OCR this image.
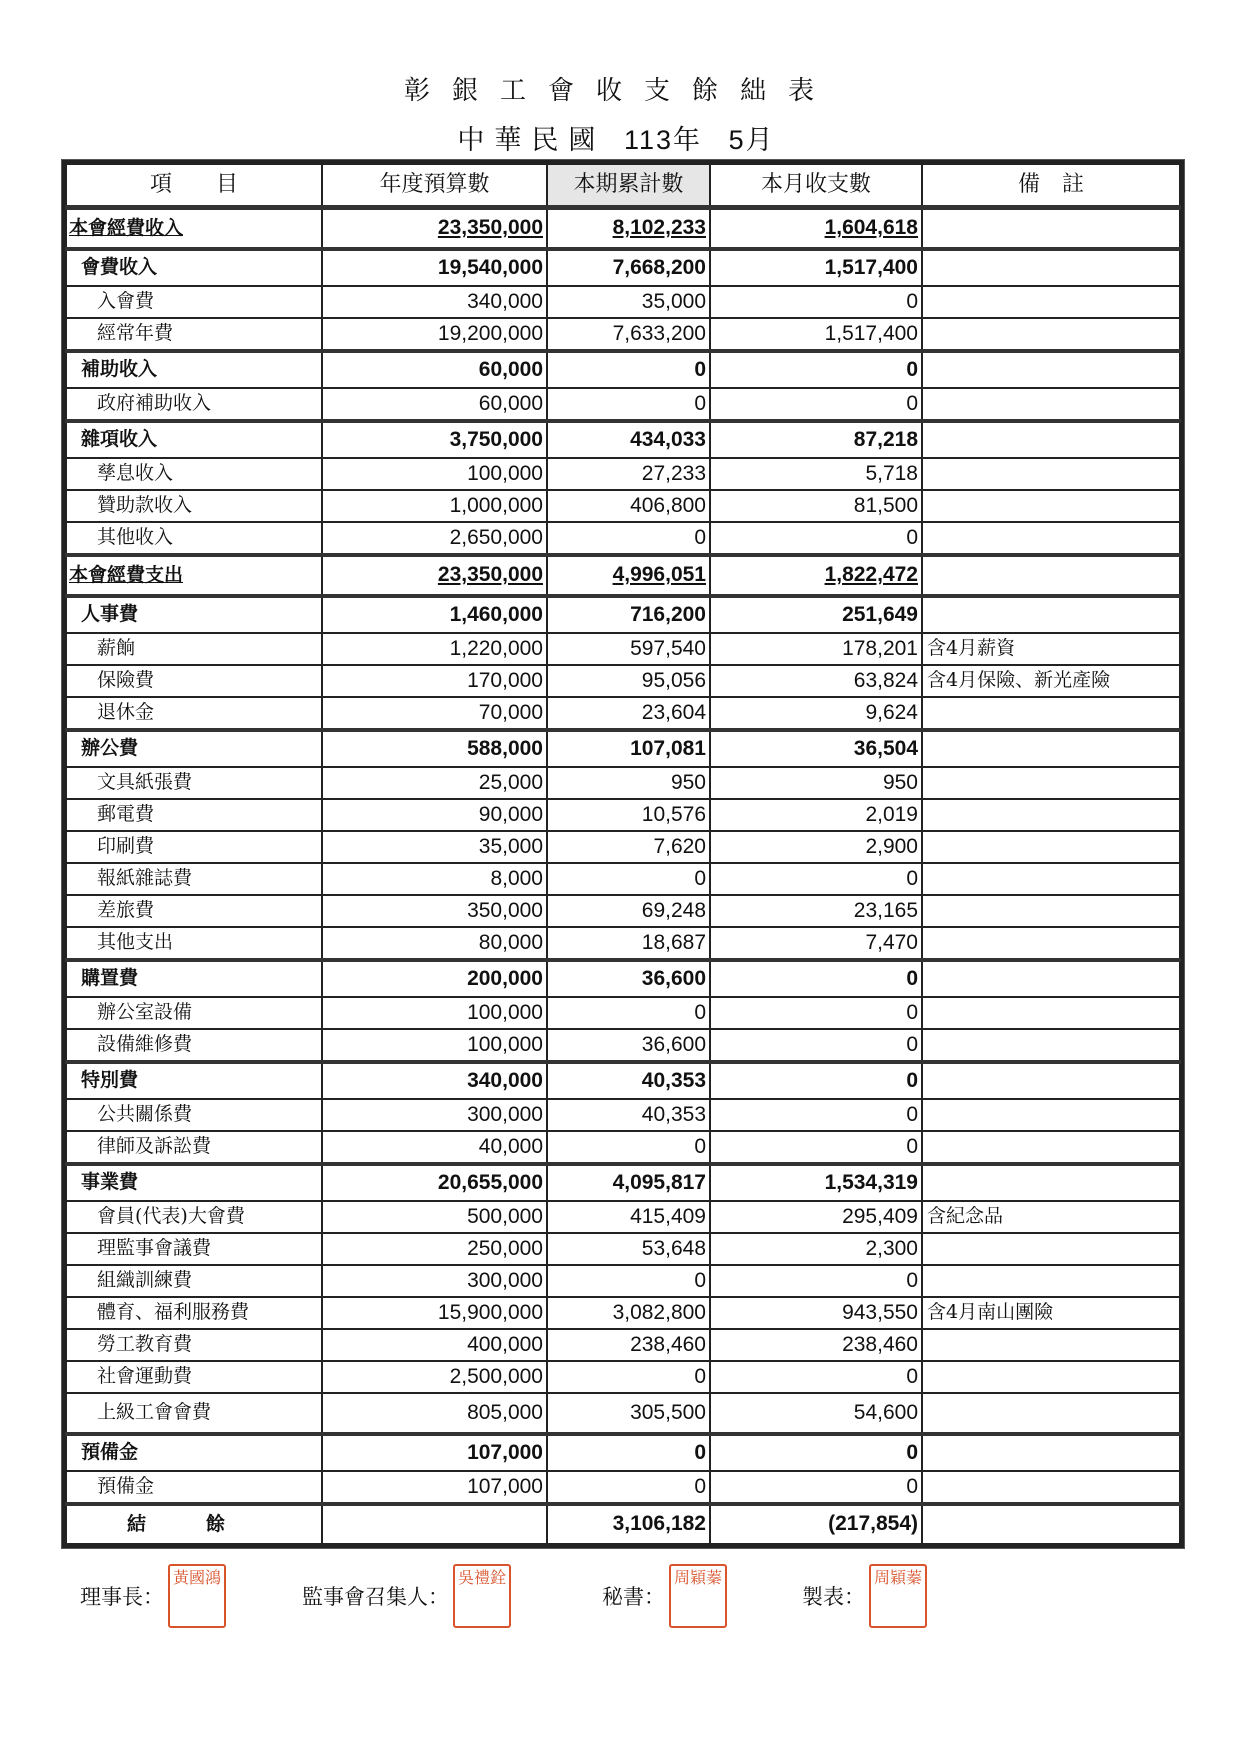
彰銀工會收支餘絀表
中華民國 113年 5月
項　　目	年度預算數	本期累計數	本月收支數	備　註
本會經費收入	23,350,000	8,102,233	1,604,618	
會費收入	19,540,000	7,668,200	1,517,400	
入會費	340,000	35,000	0	
經常年費	19,200,000	7,633,200	1,517,400	
補助收入	60,000	0	0	
政府補助收入	60,000	0	0	
雜項收入	3,750,000	434,033	87,218	
孳息收入	100,000	27,233	5,718	
贊助款收入	1,000,000	406,800	81,500	
其他收入	2,650,000	0	0	
本會經費支出	23,350,000	4,996,051	1,822,472	
人事費	1,460,000	716,200	251,649	
薪餉	1,220,000	597,540	178,201	含4月薪資
保險費	170,000	95,056	63,824	含4月保險、新光產險
退休金	70,000	23,604	9,624	
辦公費	588,000	107,081	36,504	
文具紙張費	25,000	950	950	
郵電費	90,000	10,576	2,019	
印刷費	35,000	7,620	2,900	
報紙雜誌費	8,000	0	0	
差旅費	350,000	69,248	23,165	
其他支出	80,000	18,687	7,470	
購置費	200,000	36,600	0	
辦公室設備	100,000	0	0	
設備維修費	100,000	36,600	0	
特別費	340,000	40,353	0	
公共關係費	300,000	40,353	0	
律師及訴訟費	40,000	0	0	
事業費	20,655,000	4,095,817	1,534,319	
會員(代表)大會費	500,000	415,409	295,409	含紀念品
理監事會議費	250,000	53,648	2,300	
組織訓練費	300,000	0	0	
體育、福利服務費	15,900,000	3,082,800	943,550	含4月南山團險
勞工教育費	400,000	238,460	238,460	
社會運動費	2,500,000	0	0	
上級工會會費	805,000	305,500	54,600	
預備金	107,000	0	0	
預備金	107,000	0	0	
結餘		3,106,182	(217,854)	
理事長：
黃國鴻
監事會召集人：
吳禮銓
秘書：
周穎蓁
製表：
周穎蓁
